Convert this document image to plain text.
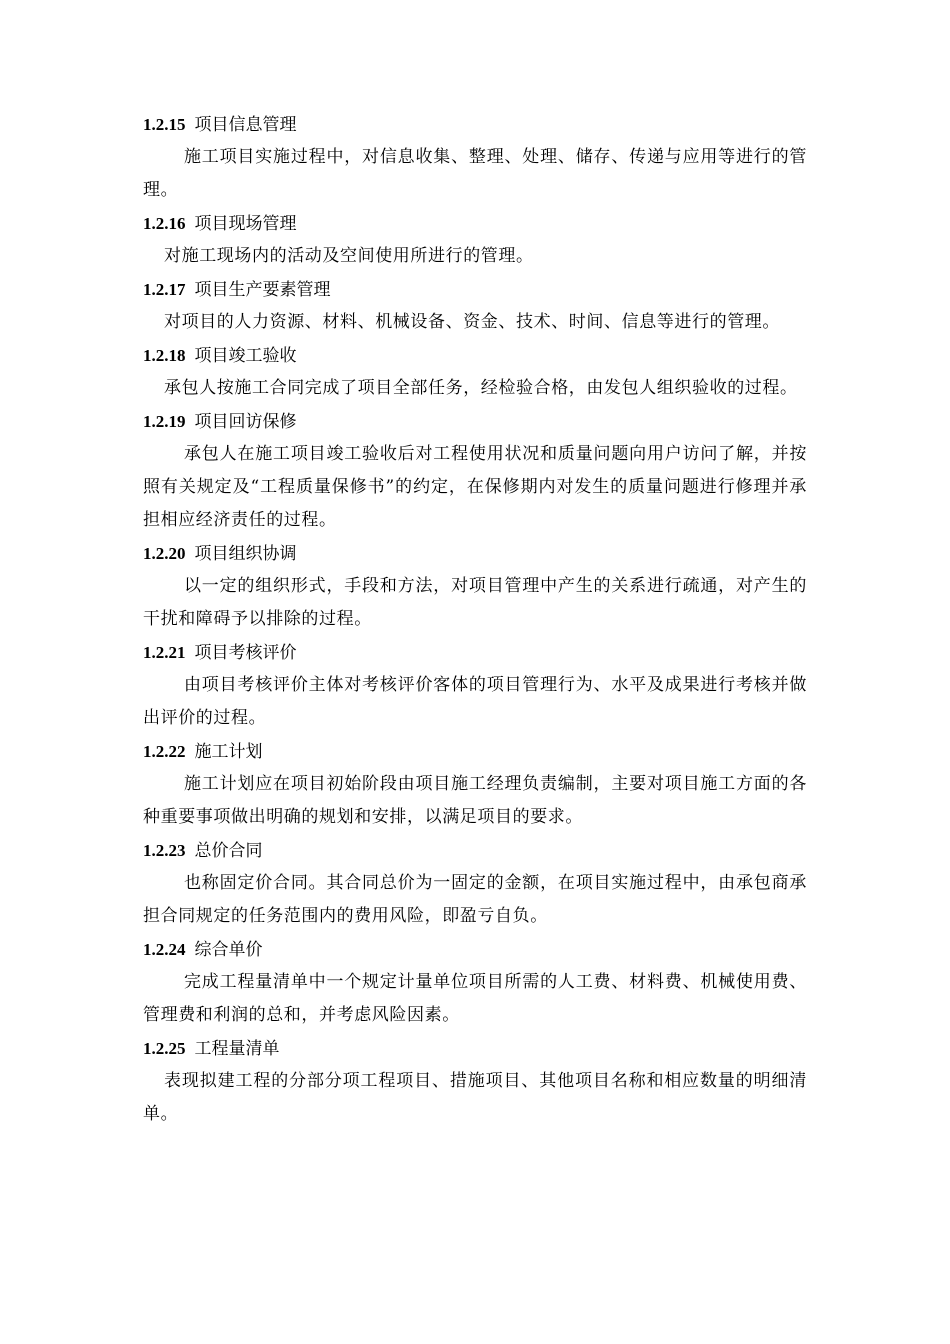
1.2.15 项目信息管理

施工项目实施过程中，对信息收集、整理、处理、储存、传递与应用等进行的管理。

1.2.16 项目现场管理

对施工现场内的活动及空间使用所进行的管理。

1.2.17 项目生产要素管理

对项目的人力资源、材料、机械设备、资金、技术、时间、信息等进行的管理。

1.2.18 项目竣工验收

承包人按施工合同完成了项目全部任务，经检验合格，由发包人组织验收的过程。

1.2.19 项目回访保修

承包人在施工项目竣工验收后对工程使用状况和质量问题向用户访问了解，并按照有关规定及“工程质量保修书”的约定，在保修期内对发生的质量问题进行修理并承担相应经济责任的过程。

1.2.20 项目组织协调

以一定的组织形式，手段和方法，对项目管理中产生的关系进行疏通，对产生的干扰和障碍予以排除的过程。

1.2.21 项目考核评价

由项目考核评价主体对考核评价客体的项目管理行为、水平及成果进行考核并做出评价的过程。

1.2.22 施工计划

施工计划应在项目初始阶段由项目施工经理负责编制，主要对项目施工方面的各种重要事项做出明确的规划和安排，以满足项目的要求。

1.2.23 总价合同

也称固定价合同。其合同总价为一固定的金额，在项目实施过程中，由承包商承担合同规定的任务范围内的费用风险，即盈亏自负。

1.2.24 综合单价

完成工程量清单中一个规定计量单位项目所需的人工费、材料费、机械使用费、管理费和利润的总和，并考虑风险因素。

1.2.25 工程量清单

表现拟建工程的分部分项工程项目、措施项目、其他项目名称和相应数量的明细清单。
